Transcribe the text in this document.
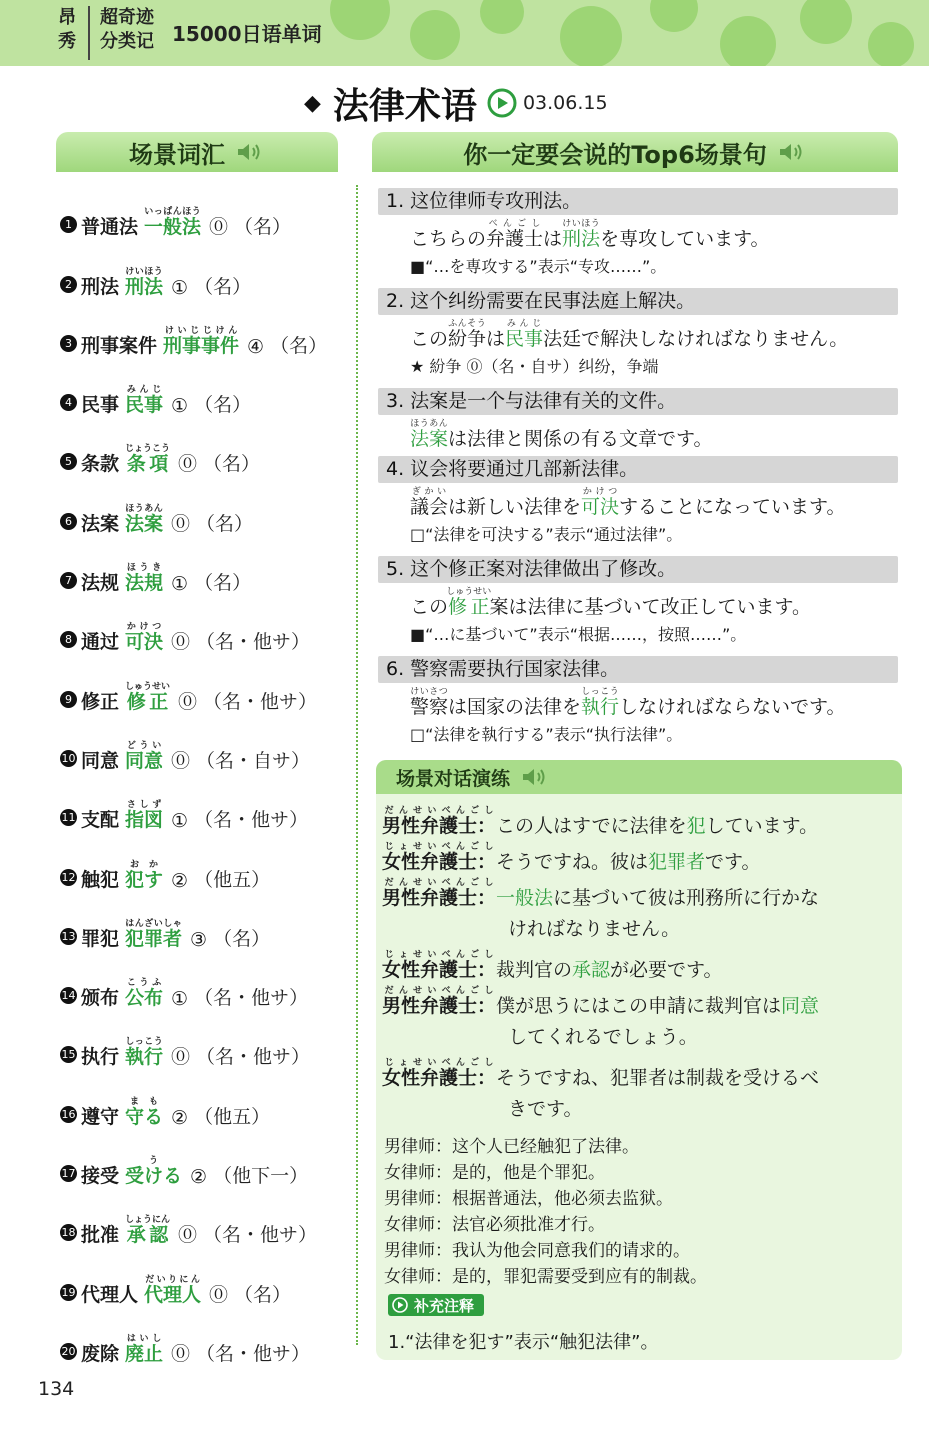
昂
秀
超奇迹
分类记 15000日语单词
◆ 法律术语 03.06.15
场景词汇	你一定要会说的Top6场景句
1 普通法 一般法いっぱんほう
⓪ （名）
2 刑法 刑法けいほう
① （名）
3 刑事案件 刑事事件けいじじけん
④ （名）
4 民事 民事みんじ
① （名）
5 条款 条項じょうこう
⓪ （名）
6 法案 法案ほうあん
⓪ （名）
7 法规 法規ほうき
① （名）
8 通过 可決かけつ
⓪ （名・他サ）
9 修正 修正しゅうせい
⓪ （名・他サ）
10 同意 同意どうい
⓪ （名・自サ）
11 支配 指図さしず
① （名・他サ）
12 触犯 犯すおか
② （他五）
13 罪犯 犯罪者はんざいしゃ
③ （名）
14 颁布 公布こうふ
① （名・他サ）
15 执行 執行しっこう
⓪ （名・他サ）
16 遵守 守るまも
② （他五）
17 接受 受けるう
② （他下一）
18 批准 承認しょうにん
⓪ （名・他サ）
19 代理人 代理人だいりにん
⓪ （名）
20 废除 廃止はいし
⓪ （名・他サ）
1. 这位律师专攻刑法。
こちらの弁護士べんごしは刑法けいほうを専攻しています。
■“…を専攻する”表示“专攻……”。
2. 这个纠纷需要在民事法庭上解决。
この紛争ふんそうは民事みんじ法廷で解決しなければなりません。
★ 紛争 ⓪（名・自サ）纠纷，争端
3. 法案是一个与法律有关的文件。
法案ほうあんは法律と関係の有る文章です。
4. 议会将要通过几部新法律。
議会ぎかいは新しい法律を可決かけつすることになっています。
□“法律を可決する”表示“通过法律”。
5. 这个修正案对法律做出了修改。
この修正しゅうせい案は法律に基づいて改正しています。
■“…に基づいて”表示“根据……，按照……”。
6. 警察需要执行国家法律。
警察けいさつは国家の法律を執行しっこうしなければならないです。
□“法律を執行する”表示“执行法律”。
场景对话演练
补充注释
1.“法律を犯す”表示“触犯法律”。
男性弁護士：だんせいべんごしこの人はすでに法律を犯しています。
女性弁護士：じょせいべんごしそうですね。彼は犯罪者です。
男性弁護士：だんせいべんごし一般法に基づいて彼は刑務所に行かな
ければなりません。
女性弁護士：じょせいべんごし裁判官の承認が必要です。
男性弁護士：だんせいべんごし僕が思うにはこの申請に裁判官は同意
してくれるでしょう。
女性弁護士：じょせいべんごしそうですね、犯罪者は制裁を受けるべ
きです。
男律师：这个人已经触犯了法律。
女律师：是的，他是个罪犯。
男律师：根据普通法，他必须去监狱。
女律师：法官必须批准才行。
男律师：我认为他会同意我们的请求的。
女律师：是的，罪犯需要受到应有的制裁。
134
